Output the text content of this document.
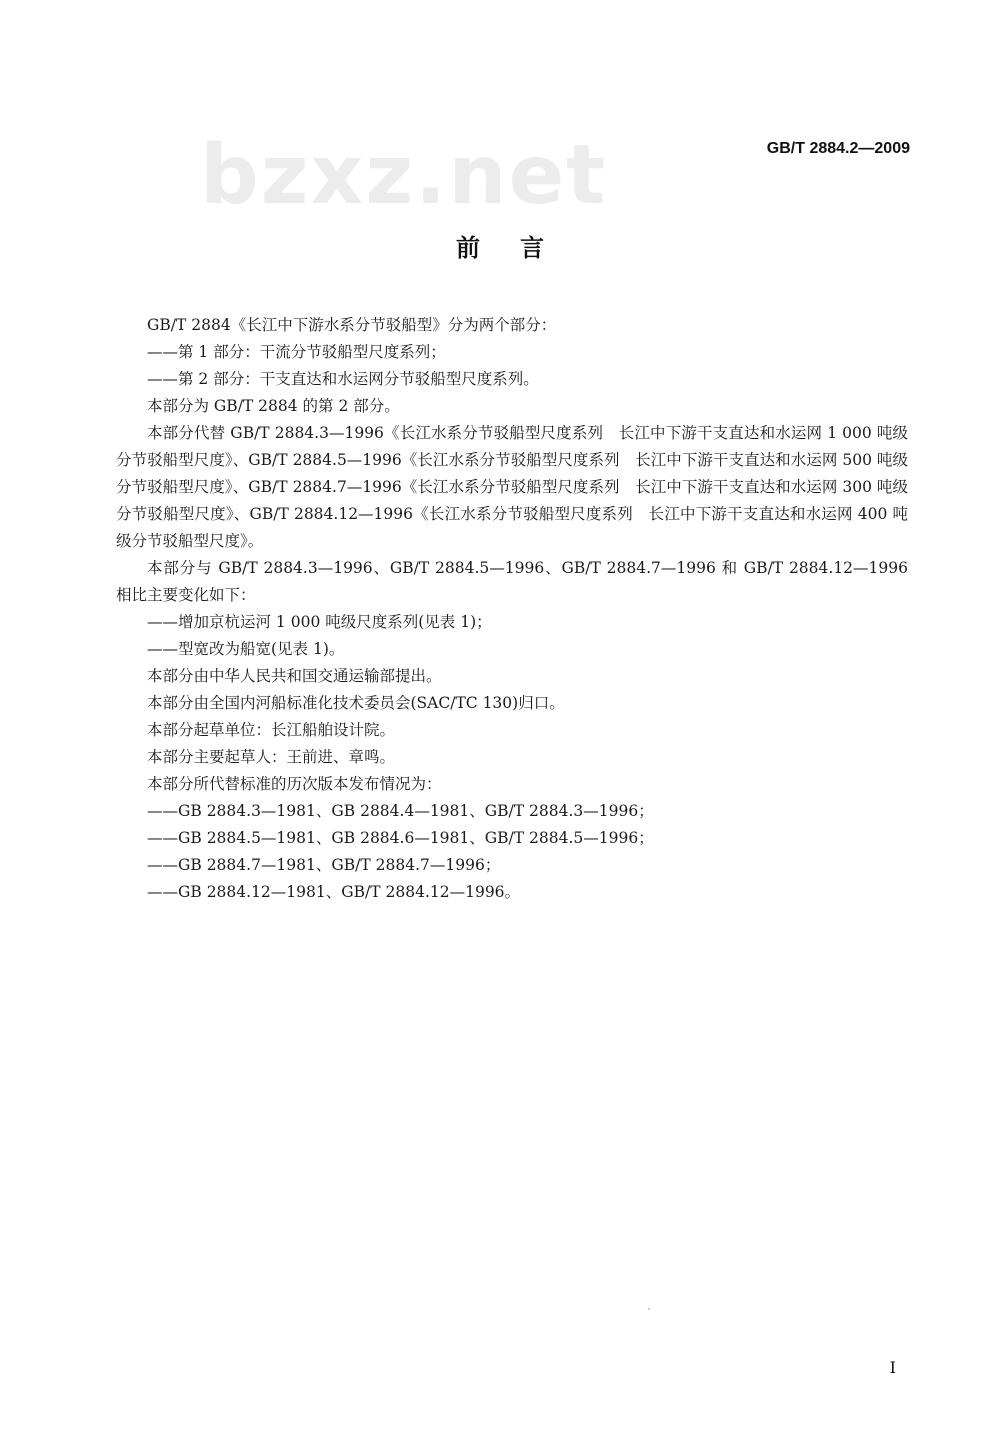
bzxz.net	GB/T 2884.2—2009
前言

GB/T 2884《长江中下游水系分节驳船型》分为两个部分：

——第 1 部分：干流分节驳船型尺度系列；

——第 2 部分：干支直达和水运网分节驳船型尺度系列。

本部分为 GB/T 2884 的第 2 部分。

本部分代替 GB/T 2884.3—1996《长江水系分节驳船型尺度系列　长江中下游干支直达和水运网 1 000 吨级分节驳船型尺度》、GB/T 2884.5—1996《长江水系分节驳船型尺度系列　长江中下游干支直达和水运网 500 吨级分节驳船型尺度》、GB/T 2884.7—1996《长江水系分节驳船型尺度系列　长江中下游干支直达和水运网 300 吨级分节驳船型尺度》、GB/T 2884.12—1996《长江水系分节驳船型尺度系列　长江中下游干支直达和水运网 400 吨级分节驳船型尺度》。

本部分与 GB/T 2884.3—1996、GB/T 2884.5—1996、GB/T 2884.7—1996 和 GB/T 2884.12—1996 相比主要变化如下：

——增加京杭运河 1 000 吨级尺度系列(见表 1)；

——型宽改为船宽(见表 1)。

本部分由中华人民共和国交通运输部提出。

本部分由全国内河船标准化技术委员会(SAC/TC 130)归口。

本部分起草单位：长江船舶设计院。

本部分主要起草人：王前进、章鸣。

本部分所代替标准的历次版本发布情况为：

——GB 2884.3—1981、GB 2884.4—1981、GB/T 2884.3—1996；

——GB 2884.5—1981、GB 2884.6—1981、GB/T 2884.5—1996；

——GB 2884.7—1981、GB/T 2884.7—1996；

——GB 2884.12—1981、GB/T 2884.12—1996。

I
